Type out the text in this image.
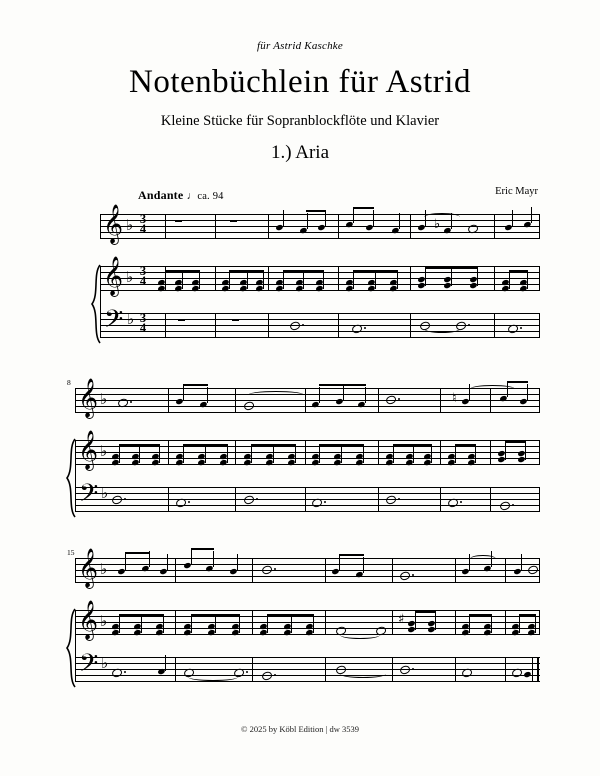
für Astrid Kaschke
Notenbüchlein für Astrid
Kleine Stücke für Sopranblockflöte und Klavier
1.) Aria
Andante ♩ca. 94	Eric Mayr
𝄞 ♭ 3
4	♭
𝄞 ♭ 3
4
𝄢 ♭ 3
4
8 𝄞 ♭	♮
𝄞 ♭
𝄢 ♭
15 𝄞 ♭
𝄞 ♭	♯
𝄢 ♭
© 2025 by Köbl Edition | dw 3539
